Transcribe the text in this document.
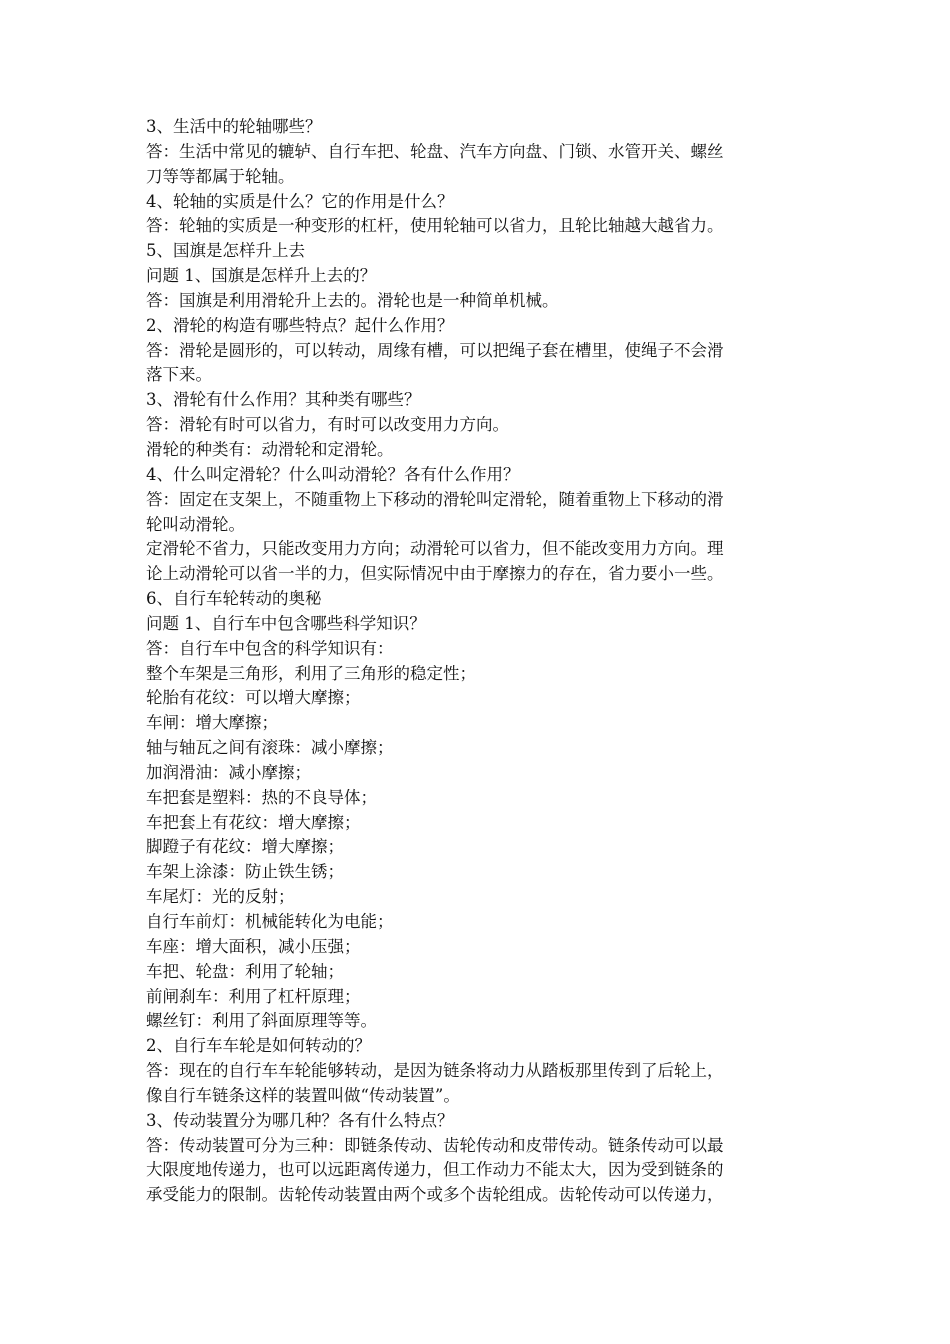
3、生活中的轮轴哪些？
答：生活中常见的辘轳、自行车把、轮盘、汽车方向盘、门锁、水管开关、螺丝
刀等等都属于轮轴。
4、轮轴的实质是什么？它的作用是什么？
答：轮轴的实质是一种变形的杠杆，使用轮轴可以省力，且轮比轴越大越省力。
5、国旗是怎样升上去
问题 1、国旗是怎样升上去的？
答：国旗是利用滑轮升上去的。滑轮也是一种简单机械。
2、滑轮的构造有哪些特点？起什么作用？
答：滑轮是圆形的，可以转动，周缘有槽，可以把绳子套在槽里，使绳子不会滑
落下来。
3、滑轮有什么作用？其种类有哪些？
答：滑轮有时可以省力，有时可以改变用力方向。
滑轮的种类有：动滑轮和定滑轮。
4、什么叫定滑轮？什么叫动滑轮？各有什么作用？
答：固定在支架上，不随重物上下移动的滑轮叫定滑轮，随着重物上下移动的滑
轮叫动滑轮。
定滑轮不省力，只能改变用力方向；动滑轮可以省力，但不能改变用力方向。理
论上动滑轮可以省一半的力，但实际情况中由于摩擦力的存在，省力要小一些。
6、自行车轮转动的奥秘
问题 1、自行车中包含哪些科学知识？
答：自行车中包含的科学知识有：
整个车架是三角形，利用了三角形的稳定性；
轮胎有花纹：可以增大摩擦；
车闸：增大摩擦；
轴与轴瓦之间有滚珠：减小摩擦；
加润滑油：减小摩擦；
车把套是塑料：热的不良导体；
车把套上有花纹：增大摩擦；
脚蹬子有花纹：增大摩擦；
车架上涂漆：防止铁生锈；
车尾灯：光的反射；
自行车前灯：机械能转化为电能；
车座：增大面积，减小压强；
车把、轮盘：利用了轮轴；
前闸刹车：利用了杠杆原理；
螺丝钉：利用了斜面原理等等。
2、自行车车轮是如何转动的？
答：现在的自行车车轮能够转动，是因为链条将动力从踏板那里传到了后轮上，
像自行车链条这样的装置叫做“传动装置”。
3、传动装置分为哪几种？各有什么特点？
答：传动装置可分为三种：即链条传动、齿轮传动和皮带传动。链条传动可以最
大限度地传递力，也可以远距离传递力，但工作动力不能太大，因为受到链条的
承受能力的限制。齿轮传动装置由两个或多个齿轮组成。齿轮传动可以传递力，
